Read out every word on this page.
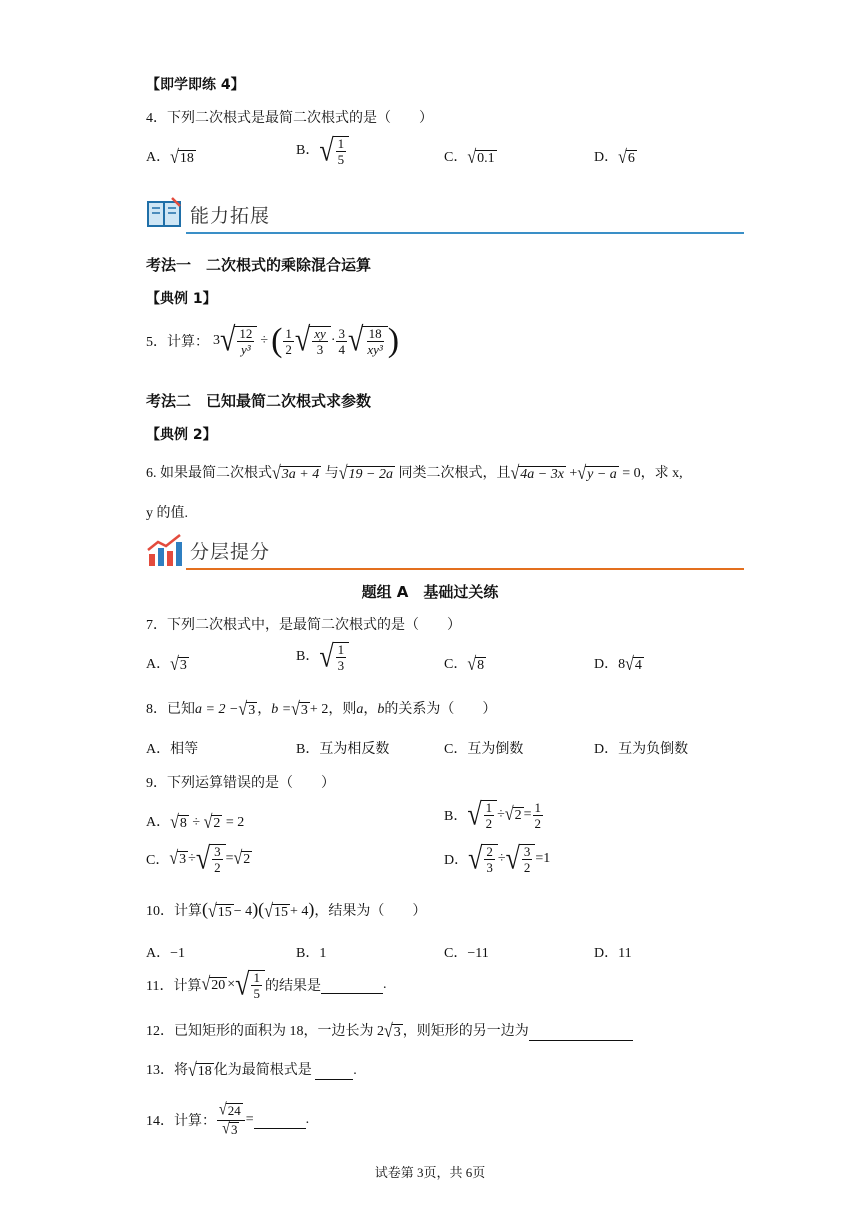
【即学即练 4】
4．下列二次根式是最简二次根式的是（　　）
A． √ 18	B． √ $\frac{1}{5}$	C． √ 0.1	D． √ 6
能力拓展
考法一　二次根式的乘除混合运算
【典例 1】
5．计算： 3 √ $\frac{12}{\text{y³}}$ ÷ ( $\frac{1}{2}$ √ $\frac{xy}{3} \cdot \frac{3}{4}$ √ $\frac{18}{\text{xy³}}$ )
考法二　已知最简二次根式求参数
【典例 2】
6. 如果最简二次根式 √ 3a + 4 与 √ 19 − 2a 同类二次根式，且 √ 4a − 3x + √ y − a = 0，求 x,
y 的值.
分层提分
题组 A　基础过关练
7．下列二次根式中，是最简二次根式的是（　　）
A． √ 3
B． √ $\frac{1}{3}$	C． √ 8	D．8 √ 4
8．已知a = 2 − √ 3 ，b = √ 3 + 2，则a，b的关系为（　　）
A．相等	B．互为相反数	C．互为倒数	D．互为负倒数
9．下列运算错误的是（　　）
A． √ 8 ÷ √ 2 = 2	B． √ $\frac{1}{2}$ ÷ √ $2 = \frac{1}{2}$
C． √ 3 ÷ √ $\frac{3}{2}$ = √ 2	D． √ $\frac{2}{3}$ ÷ √ $\frac{3}{2} = 1$
10．计算( √ 15 − 4)( √ 15 + 4)，结果为（　　）
A．−1	B．1	C．−11	D．11
11．计算 √ 20 × √ $\frac{1}{5}$ 的结果是
	.
12．已知矩形的面积为 18，一边长为 2 √ 3 ，则矩形的另一边为
13．将 √ 18 化为最简根式是	.
14．计算： $\frac{√ 24}{√ 3}$ =
	.
试卷第 3页，共 6页
